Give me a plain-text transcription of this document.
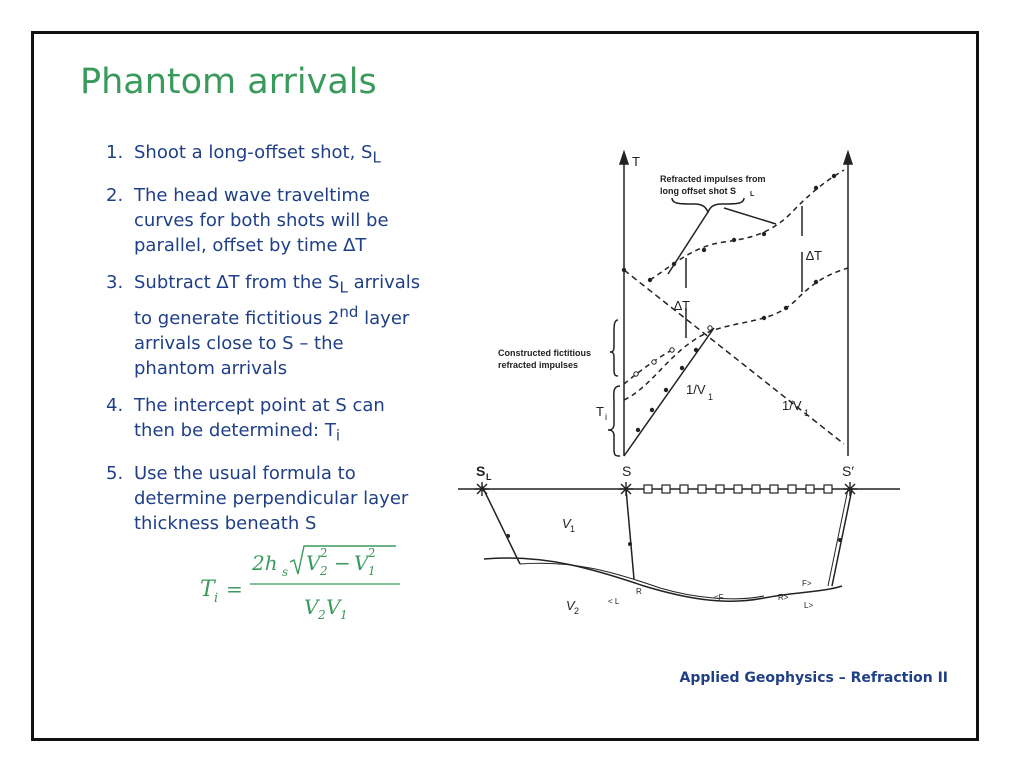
Phantom arrivals
1. Shoot a long-offset shot, $S_L$
2. The head wave traveltime curves for both shots will be parallel, offset by time ∆T
3. Subtract ∆T from the $S_L$ arrivals to generate fictitious 2nd layer arrivals close to S – the phantom arrivals
4. The intercept point at S can then be determined: $T_i$
5. Use the usual formula to determine perpendicular layer thickness beneath S
T i =
2h s V 2
2 − V 1
2
V 2 V 1
T
Refracted impulses from
long offset shot S L
Constructed fictitious
refracted impulses
∆T
∆T
1/V 1
1/V 1
T i
S L	S	S′
V 1
V 2
< L
R
<F	R>
F>
L>
Applied Geophysics – Refraction II
